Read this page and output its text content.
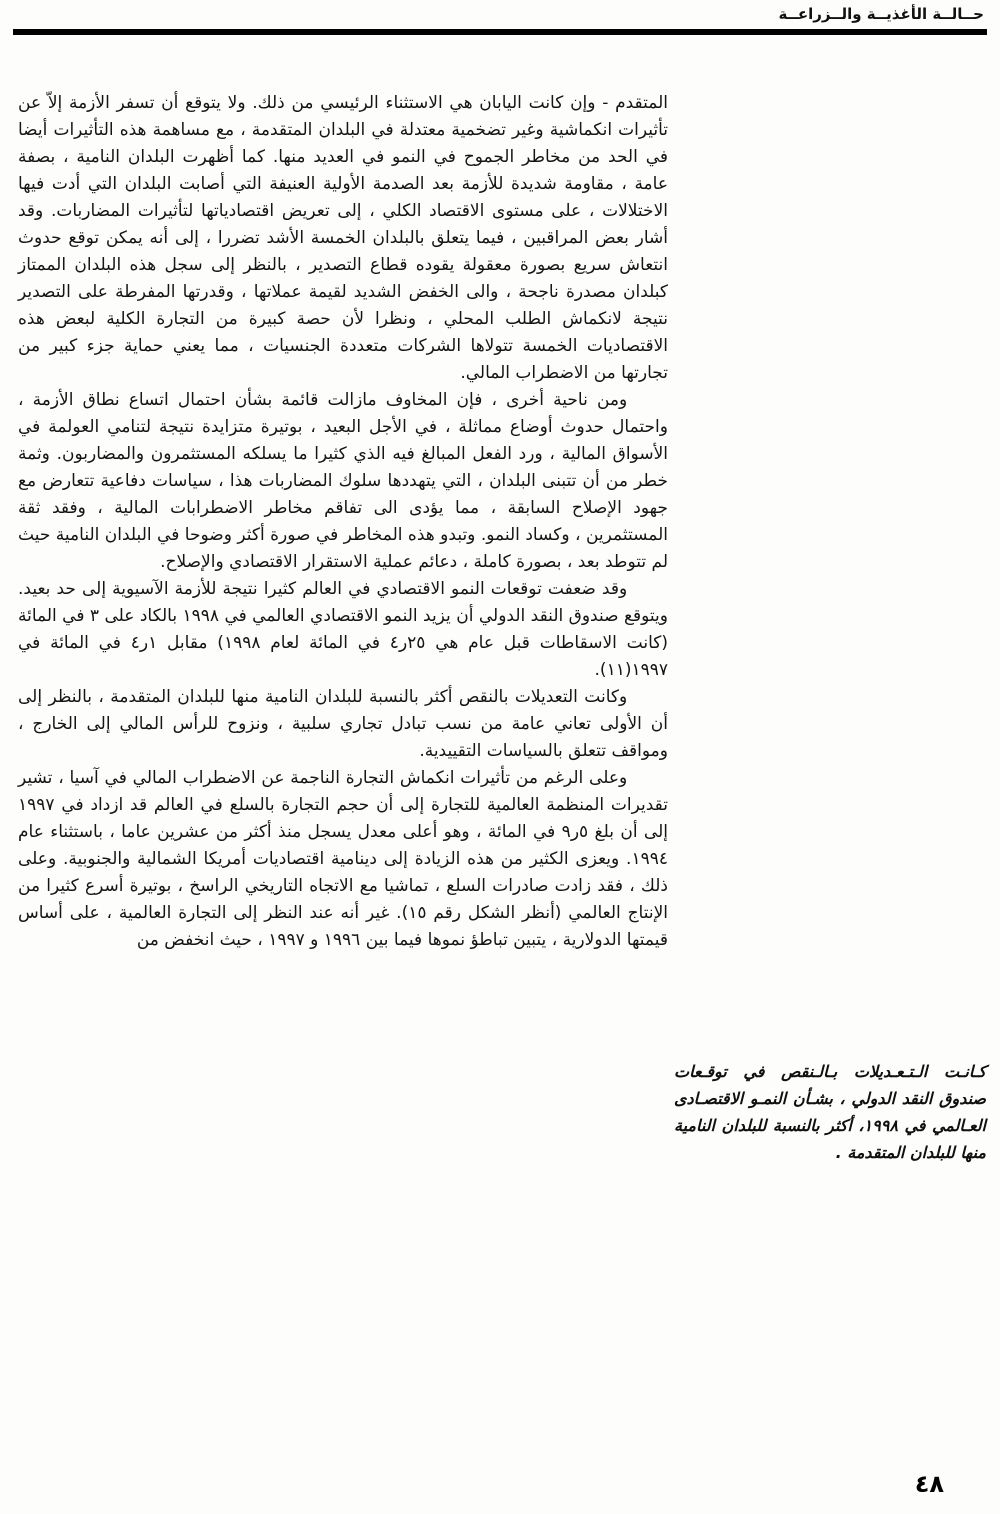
حــالــة الأغذيــة والــزراعــة

المتقدم - وإن كانت اليابان هي الاستثناء الرئيسي من ذلك. ولا يتوقع أن تسفر الأزمة إلاّ عن تأثيرات انكماشية وغير تضخمية معتدلة في البلدان المتقدمة ، مع مساهمة هذه التأثيرات أيضا في الحد من مخاطر الجموح في النمو في العديد منها. كما أظهرت البلدان النامية ، بصفة عامة ، مقاومة شديدة للأزمة بعد الصدمة الأولية العنيفة التي أصابت البلدان التي أدت فيها الاختلالات ، على مستوى الاقتصاد الكلي ، إلى تعريض اقتصادياتها لتأثيرات المضاربات. وقد أشار بعض المراقبين ، فيما يتعلق بالبلدان الخمسة الأشد تضررا ، إلى أنه يمكن توقع حدوث انتعاش سريع بصورة معقولة يقوده قطاع التصدير ، بالنظر إلى سجل هذه البلدان الممتاز كبلدان مصدرة ناجحة ، والى الخفض الشديد لقيمة عملاتها ، وقدرتها المفرطة على التصدير نتيجة لانكماش الطلب المحلي ، ونظرا لأن حصة كبيرة من التجارة الكلية لبعض هذه الاقتصاديات الخمسة تتولاها الشركات متعددة الجنسيات ، مما يعني حماية جزء كبير من تجارتها من الاضطراب المالي.

ومن ناحية أخرى ، فإن المخاوف مازالت قائمة بشأن احتمال اتساع نطاق الأزمة ، واحتمال حدوث أوضاع مماثلة ، في الأجل البعيد ، بوتيرة متزايدة نتيجة لتنامي العولمة في الأسواق المالية ، ورد الفعل المبالغ فيه الذي كثيرا ما يسلكه المستثمرون والمضاربون. وثمة خطر من أن تتبنى البلدان ، التي يتهددها سلوك المضاربات هذا ، سياسات دفاعية تتعارض مع جهود الإصلاح السابقة ، مما يؤدى الى تفاقم مخاطر الاضطرابات المالية ، وفقد ثقة المستثمرين ، وكساد النمو. وتبدو هذه المخاطر في صورة أكثر وضوحا في البلدان النامية حيث لم تتوطد بعد ، بصورة كاملة ، دعائم عملية الاستقرار الاقتصادي والإصلاح.

وقد ضعفت توقعات النمو الاقتصادي في العالم كثيرا نتيجة للأزمة الآسيوية إلى حد بعيد. ويتوقع صندوق النقد الدولي أن يزيد النمو الاقتصادي العالمي في ١٩٩٨ بالكاد على ٣ في المائة (كانت الاسقاطات قبل عام هي ٢٥ر٤ في المائة لعام ١٩٩٨) مقابل ١ر٤ في المائة في ١٩٩٧(١١).

وكانت التعديلات بالنقص أكثر بالنسبة للبلدان النامية منها للبلدان المتقدمة ، بالنظر إلى أن الأولى تعاني عامة من نسب تبادل تجاري سلبية ، ونزوح للرأس المالي إلى الخارج ، ومواقف تتعلق بالسياسات التقييدية.

وعلى الرغم من تأثيرات انكماش التجارة الناجمة عن الاضطراب المالي في آسيا ، تشير تقديرات المنظمة العالمية للتجارة إلى أن حجم التجارة بالسلع في العالم قد ازداد في ١٩٩٧ إلى أن بلغ ٥ر٩ في المائة ، وهو أعلى معدل يسجل منذ أكثر من عشرين عاما ، باستثناء عام ١٩٩٤. ويعزى الكثير من هذه الزيادة إلى دينامية اقتصاديات أمريكا الشمالية والجنوبية. وعلى ذلك ، فقد زادت صادرات السلع ، تماشيا مع الاتجاه التاريخي الراسخ ، بوتيرة أسرع كثيرا من الإنتاج العالمي (أنظر الشكل رقم ١٥). غير أنه عند النظر إلى التجارة العالمية ، على أساس قيمتها الدولارية ، يتبين تباطؤ نموها فيما بين ١٩٩٦ و ١٩٩٧ ، حيث انخفض من

كـانـت الـتـعـديلات بـالـنقص في توقـعات صندوق النقد الدولي ، بشـأن النمـو الاقتصـادى العـالمي في ١٩٩٨، أكثر بالنسبة للبلدان النامية منها للبلدان المتقدمة .
٤٨
